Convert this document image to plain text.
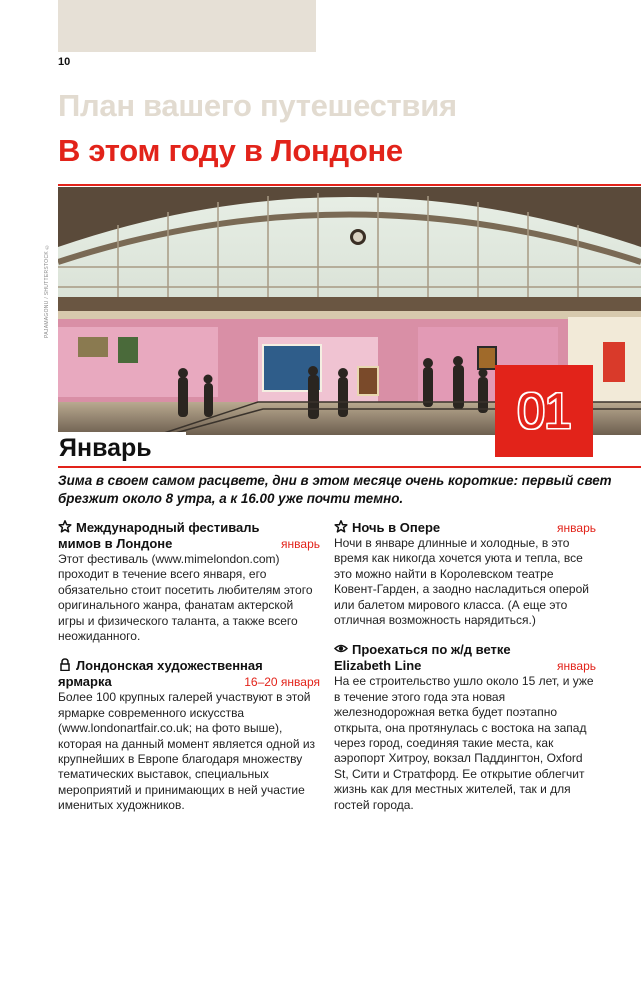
10
План вашего путешествия
В этом году в Лондоне
PAJAMAGONU / SHUTTERSTOCK ©
01
Январь
Зима в своем самом расцвете, дни в этом месяце очень короткие: первый свет брезжит около 8 утра, а к 16.00 уже почти темно.
Международный фестиваль
мимов в Лондоне	январь
Этот фестиваль (www.mimelondon.com) проходит в течение всего января, его обязательно стоит посетить любителям этого оригинального жанра, фанатам актерской игры и физического таланта, а также всего неожиданного.
Лондонская художественная
ярмарка	16–20 января
Более 100 крупных галерей участвуют в этой ярмарке современного искусства (www.londonartfair.co.uk; на фото выше), которая на данный момент является одной из крупнейших в Европе благодаря множеству тематических выставок, специальных мероприятий и принимающих в ней участие именитых художников.
Ночь в Опере	январь
Ночи в январе длинные и холодные, в это время как никогда хочется уюта и тепла, все это можно найти в Королевском театре Ковент-Гарден, а заодно насладиться оперой или балетом мирового класса. (А еще это отличная возможность нарядиться.)
Проехаться по ж/д ветке
Elizabeth Line	январь
На ее строительство ушло около 15 лет, и уже в течение этого года эта новая железнодорожная ветка будет поэтапно открыта, она протянулась с востока на запад через город, соединяя такие места, как аэропорт Хитроу, вокзал Паддингтон, Oxford St, Сити и Стратфорд. Ее открытие облегчит жизнь как для местных жителей, так и для гостей города.
